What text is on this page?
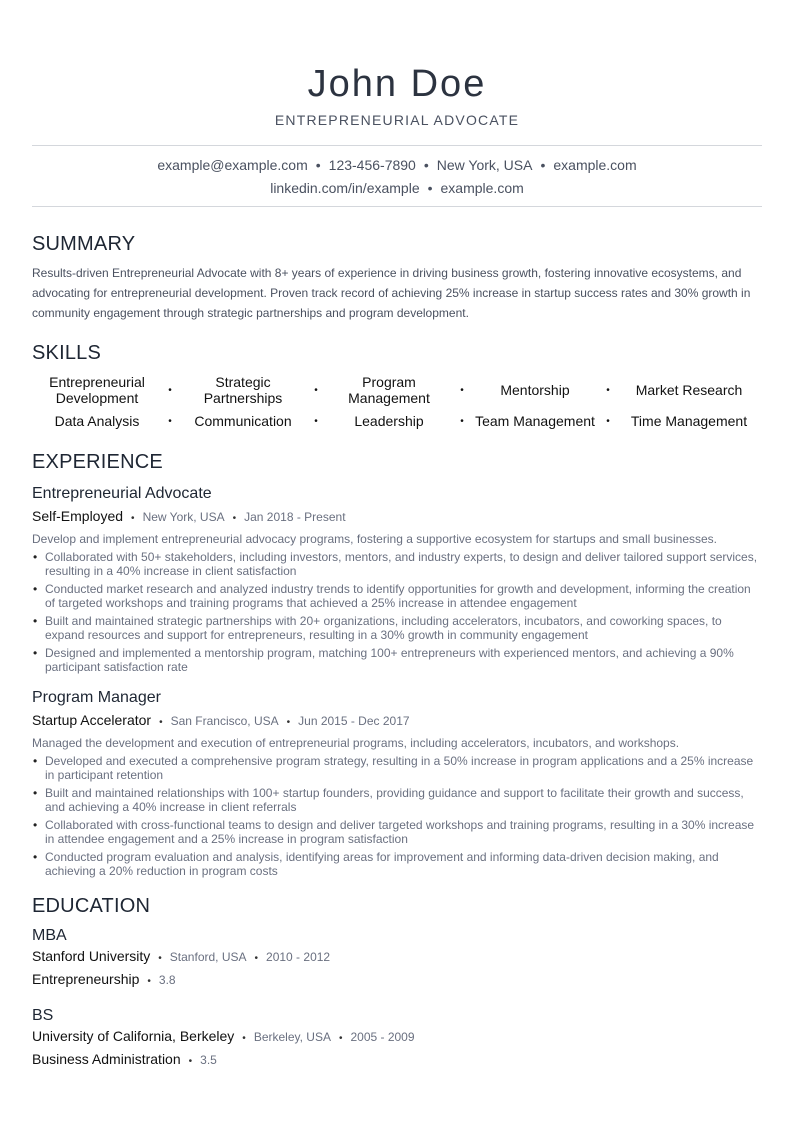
John Doe
ENTREPRENEURIAL ADVOCATE
example@example.com • 123-456-7890 • New York, USA • example.com
linkedin.com/in/example • example.com
SUMMARY
Results-driven Entrepreneurial Advocate with 8+ years of experience in driving business growth, fostering innovative ecosystems, and advocating for entrepreneurial development. Proven track record of achieving 25% increase in startup success rates and 30% growth in community engagement through strategic partnerships and program development.
SKILLS
Entrepreneurial Development	•	Strategic Partnerships	•	Program Management	•	Mentorship	•	Market Research
Data Analysis	•	Communication	•	Leadership	• Team Management	•	Time Management
EXPERIENCE
Entrepreneurial Advocate
Self-Employed • New York, USA • Jan 2018 - Present
Develop and implement entrepreneurial advocacy programs, fostering a supportive ecosystem for startups and small businesses.
• Collaborated with 50+ stakeholders, including investors, mentors, and industry experts, to design and deliver tailored support services, resulting in a 40% increase in client satisfaction
• Conducted market research and analyzed industry trends to identify opportunities for growth and development, informing the creation of targeted workshops and training programs that achieved a 25% increase in attendee engagement
• Built and maintained strategic partnerships with 20+ organizations, including accelerators, incubators, and coworking spaces, to expand resources and support for entrepreneurs, resulting in a 30% growth in community engagement
• Designed and implemented a mentorship program, matching 100+ entrepreneurs with experienced mentors, and achieving a 90% participant satisfaction rate
Program Manager
Startup Accelerator • San Francisco, USA • Jun 2015 - Dec 2017
Managed the development and execution of entrepreneurial programs, including accelerators, incubators, and workshops.
• Developed and executed a comprehensive program strategy, resulting in a 50% increase in program applications and a 25% increase in participant retention
• Built and maintained relationships with 100+ startup founders, providing guidance and support to facilitate their growth and success, and achieving a 40% increase in client referrals
• Collaborated with cross-functional teams to design and deliver targeted workshops and training programs, resulting in a 30% increase in attendee engagement and a 25% increase in program satisfaction
• Conducted program evaluation and analysis, identifying areas for improvement and informing data-driven decision making, and achieving a 20% reduction in program costs
EDUCATION
MBA
Stanford University • Stanford, USA • 2010 - 2012
Entrepreneurship • 3.8
BS
University of California, Berkeley • Berkeley, USA • 2005 - 2009
Business Administration • 3.5
